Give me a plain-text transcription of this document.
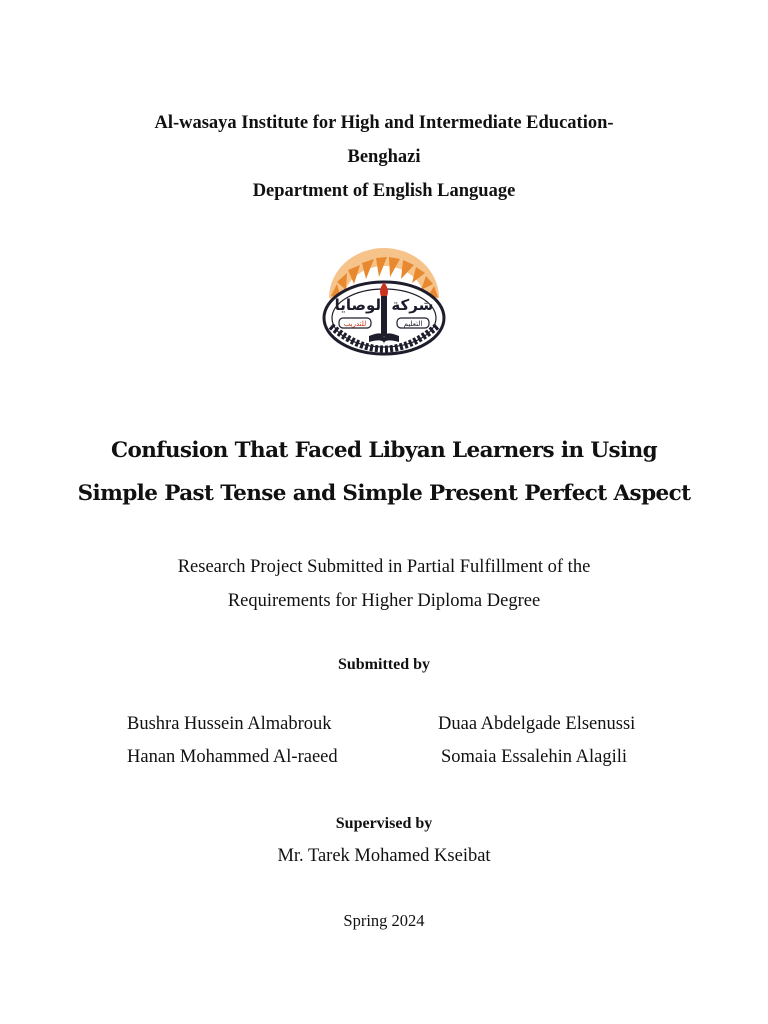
Al-wasaya Institute for High and Intermediate Education-
Benghazi
Department of English Language
شركة الوصايا
للتدريب	التعليم
Confusion That Faced Libyan Learners in Using
Simple Past Tense and Simple Present Perfect Aspect
Research Project Submitted in Partial Fulfillment of the
Requirements for Higher Diploma Degree
Submitted by
Bushra Hussein Almabrouk	Duaa Abdelgade Elsenussi
Hanan Mohammed Al-raeed	Somaia Essalehin Alagili
Supervised by
Mr. Tarek Mohamed Kseibat
Spring 2024
